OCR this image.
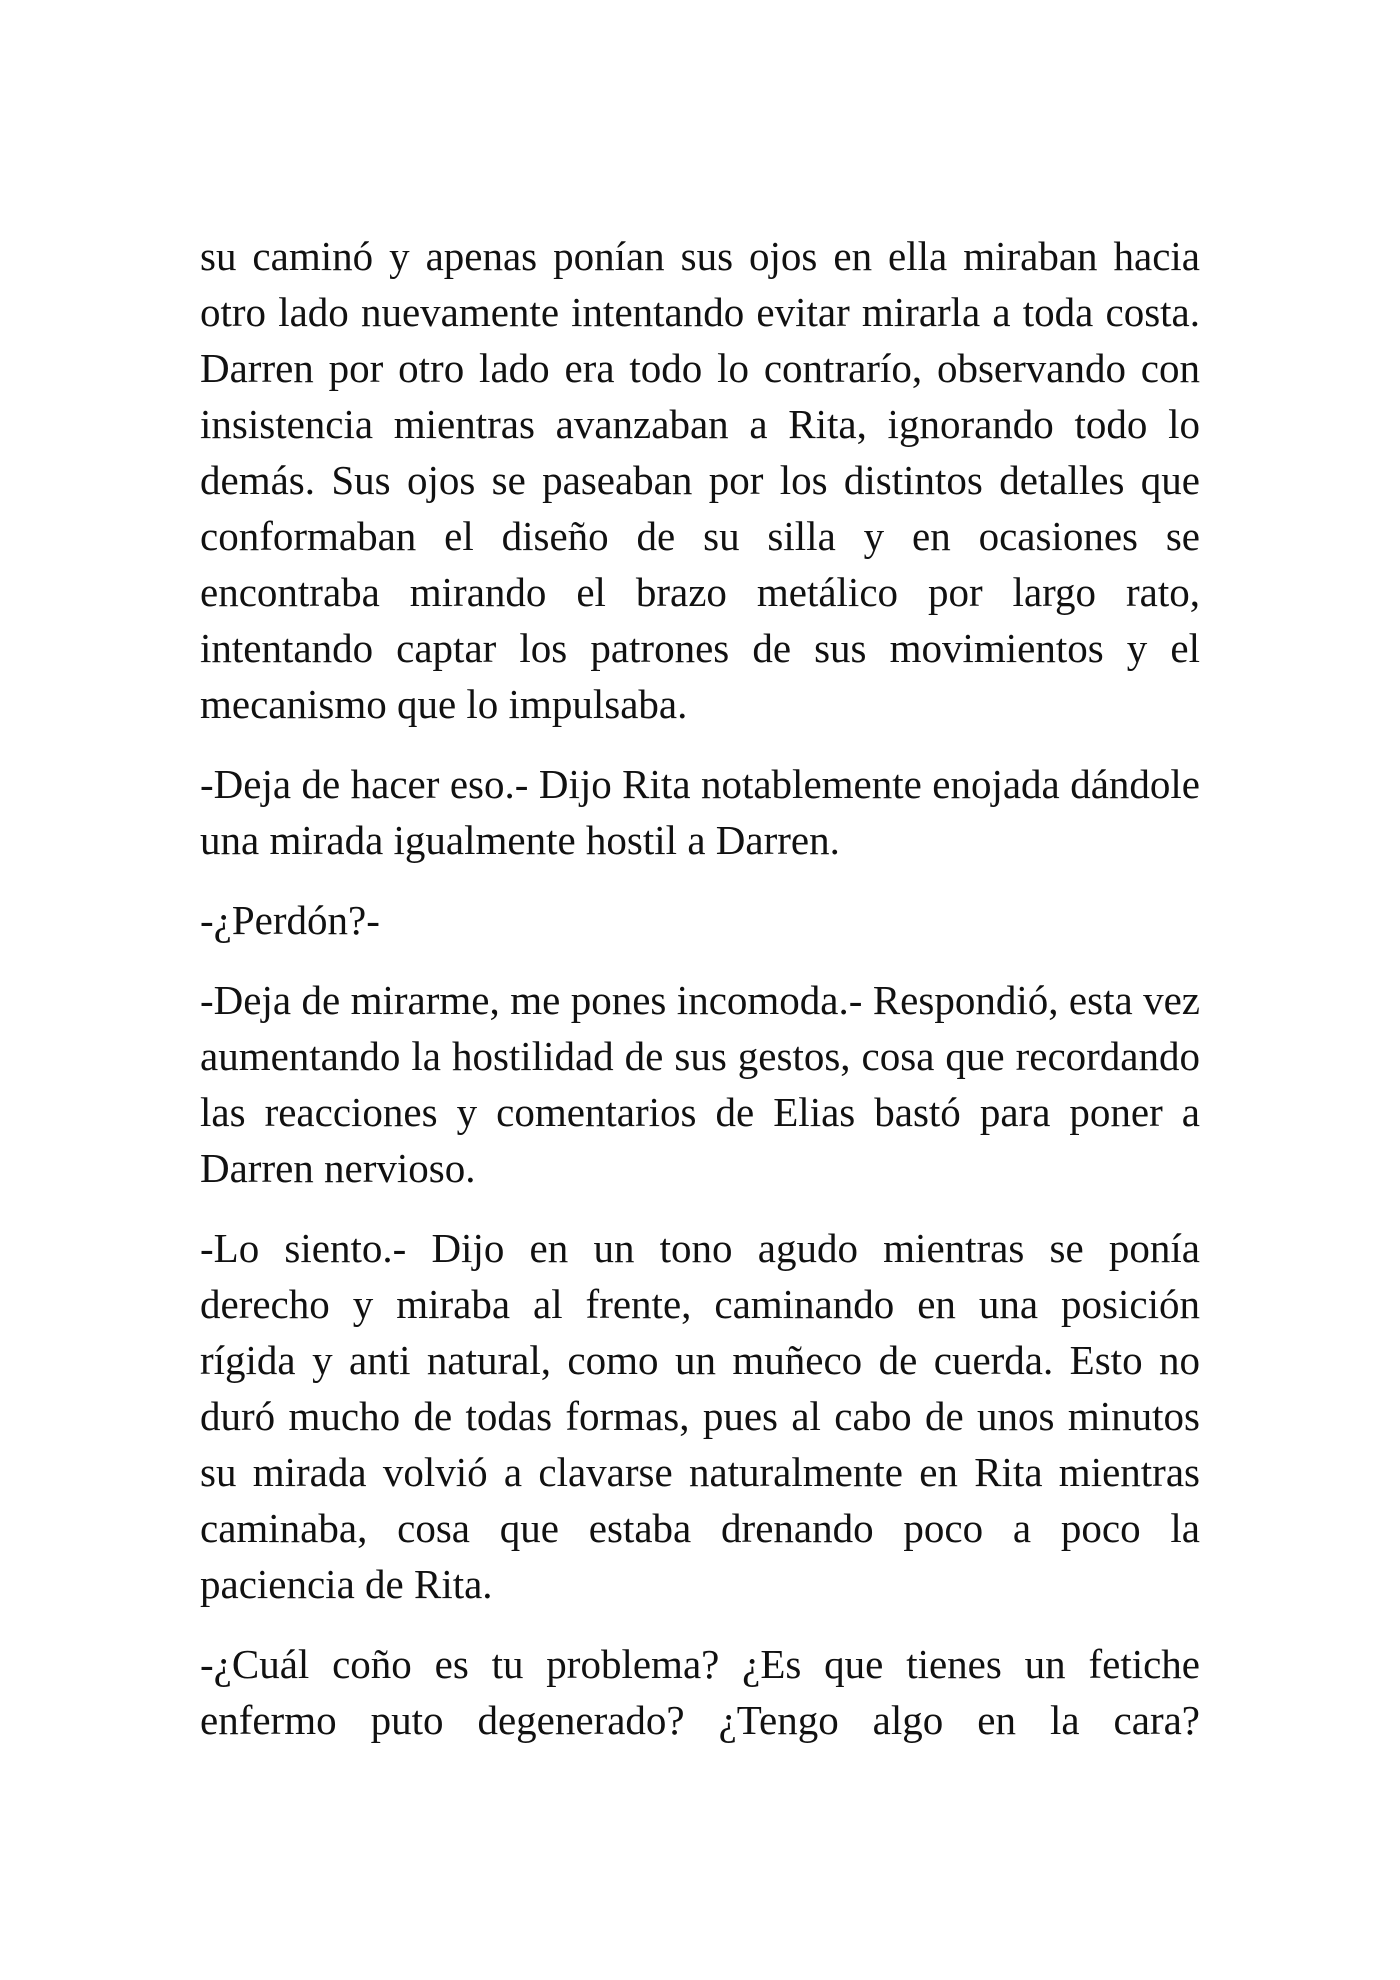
su caminó y apenas ponían sus ojos en ella miraban hacia otro lado nuevamente intentando evitar mirarla a toda costa. Darren por otro lado era todo lo contrarío, observando con insistencia mientras avanzaban a Rita, ignorando todo lo demás. Sus ojos se paseaban por los distintos detalles que conformaban el diseño de su silla y en ocasiones se encontraba mirando el brazo metálico por largo rato, intentando captar los patrones de sus movimientos y el mecanismo que lo impulsaba.

-Deja de hacer eso.- Dijo Rita notablemente enojada dándole una mirada igualmente hostil a Darren.

-¿Perdón?-

-Deja de mirarme, me pones incomoda.- Respondió, esta vez aumentando la hostilidad de sus gestos, cosa que recordando las reacciones y comentarios de Elias bastó para poner a Darren nervioso.

-Lo siento.- Dijo en un tono agudo mientras se ponía derecho y miraba al frente, caminando en una posición rígida y anti natural, como un muñeco de cuerda. Esto no duró mucho de todas formas, pues al cabo de unos minutos su mirada volvió a clavarse naturalmente en Rita mientras caminaba, cosa que estaba drenando poco a poco la paciencia de Rita.

-¿Cuál coño es tu problema? ¿Es que tienes un fetiche enfermo puto degenerado? ¿Tengo algo en la cara?
